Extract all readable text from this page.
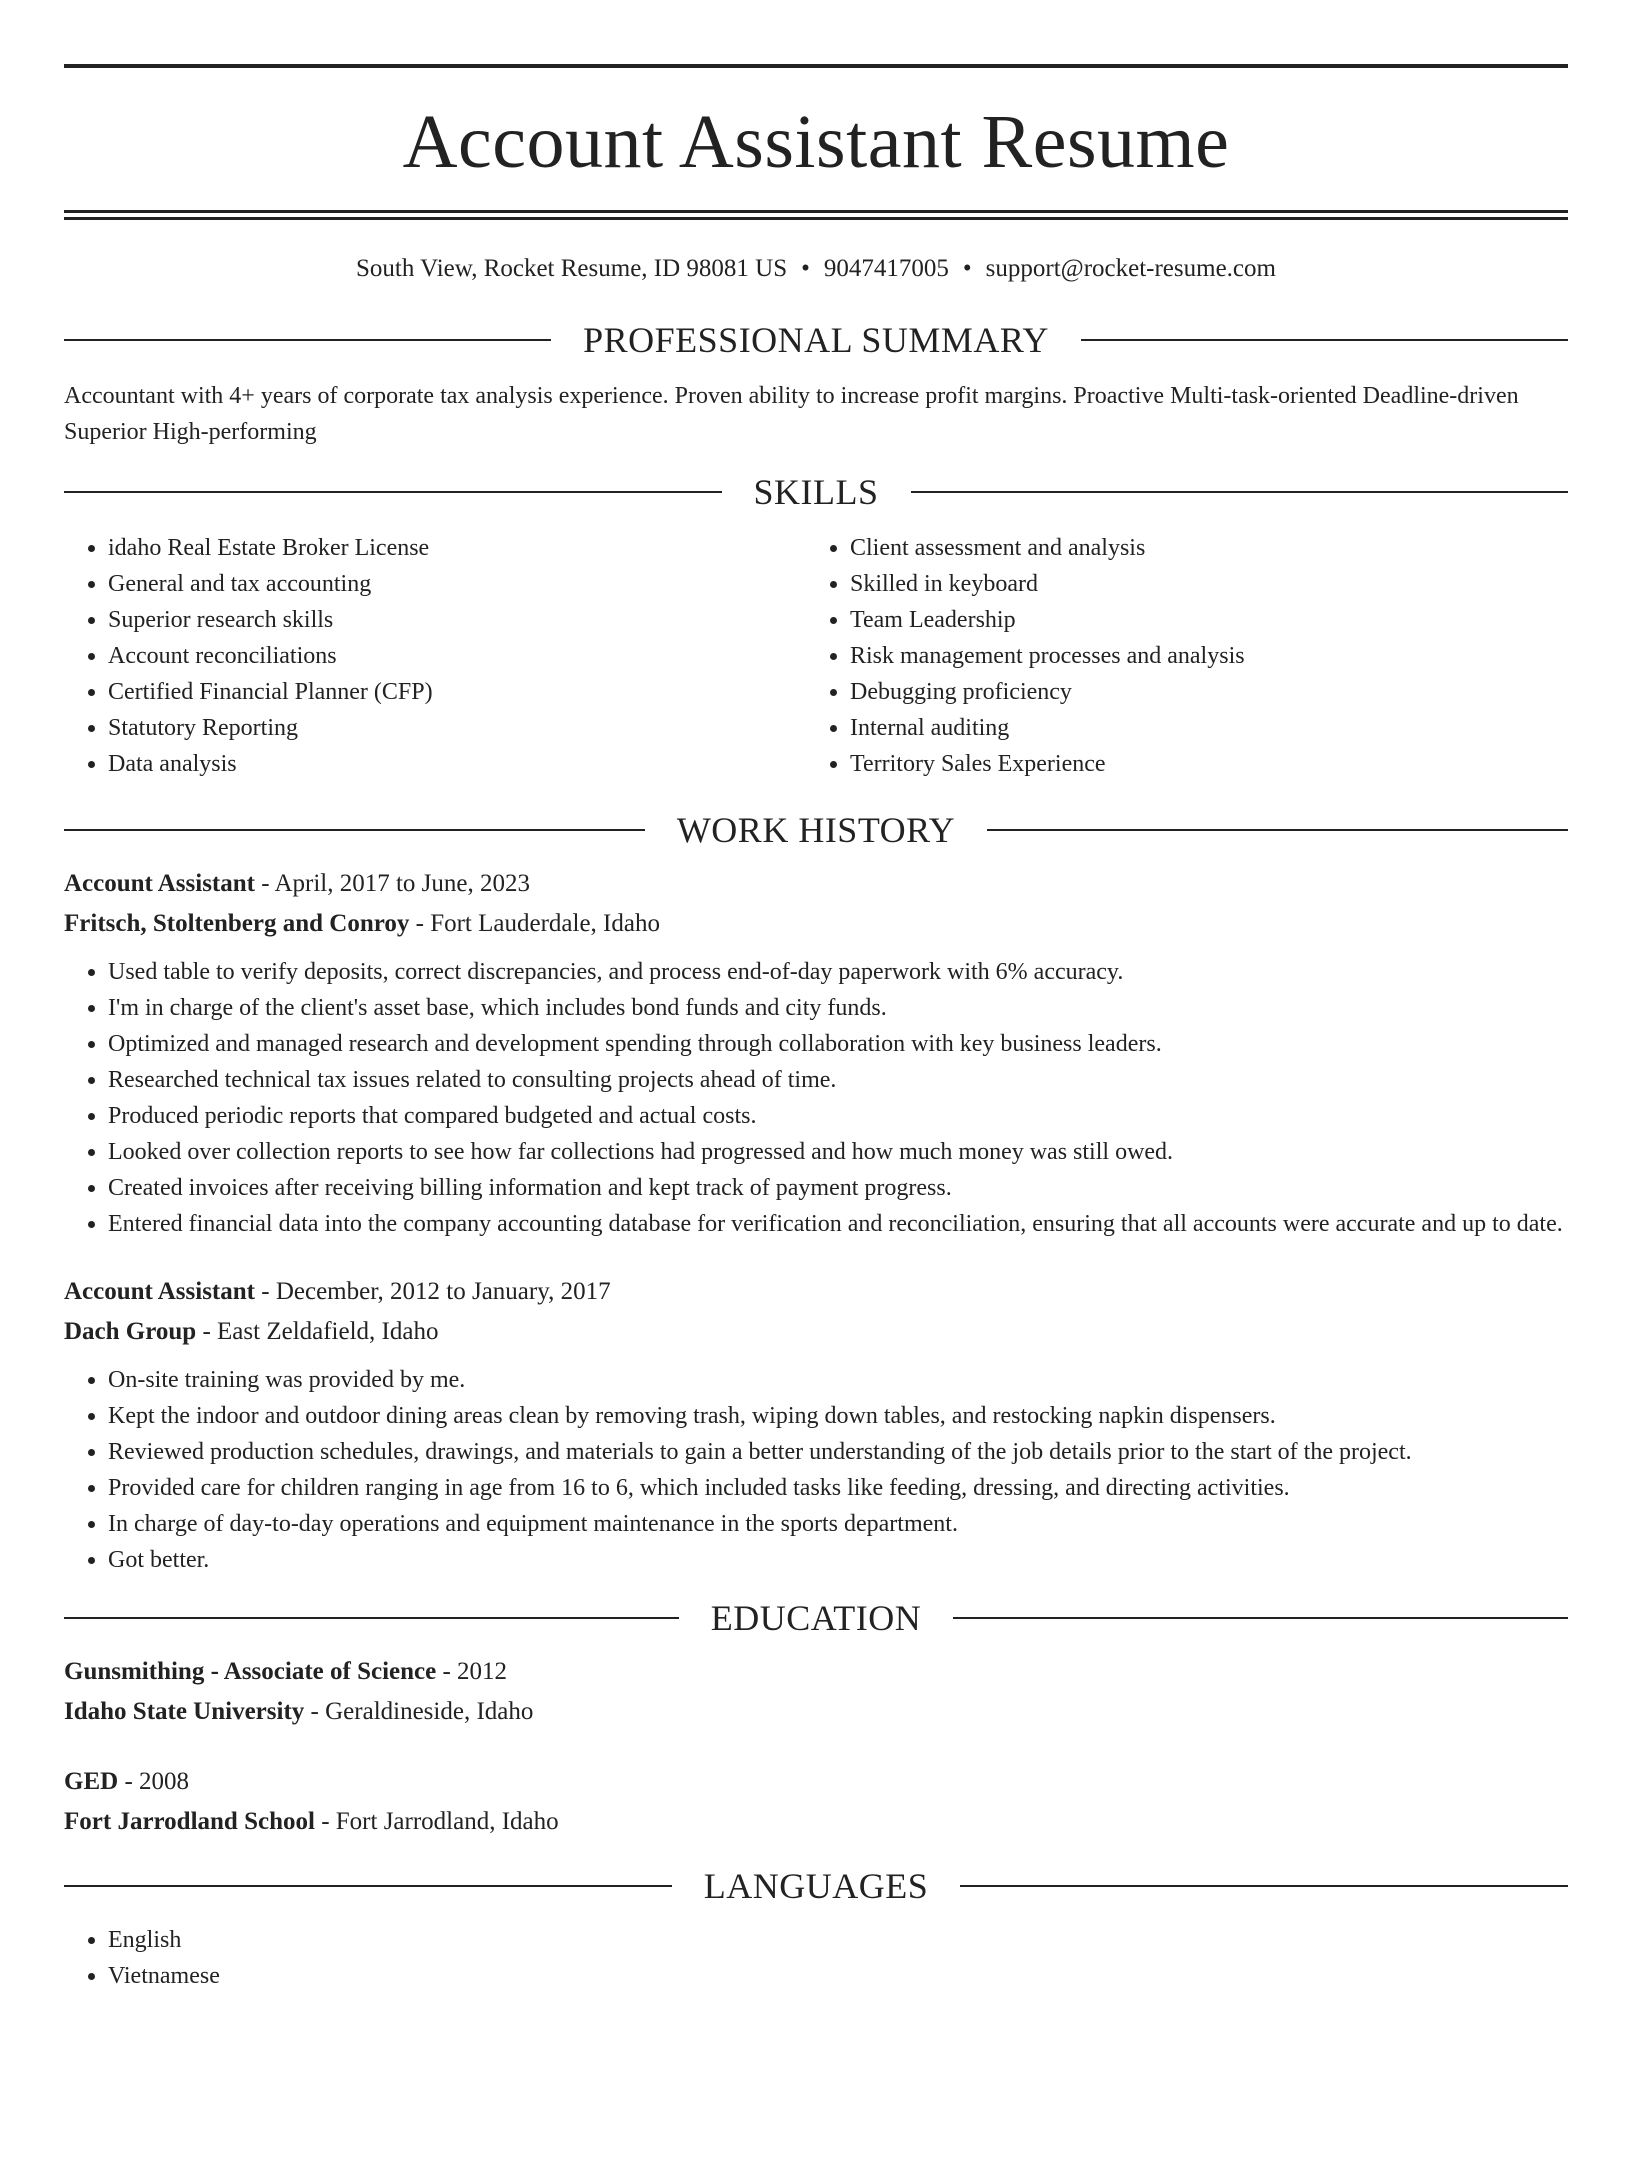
Account Assistant Resume
South View, Rocket Resume, ID 98081 US • 9047417005 • support@rocket-resume.com
PROFESSIONAL SUMMARY
Accountant with 4+ years of corporate tax analysis experience. Proven ability to increase profit margins. Proactive Multi-task-oriented Deadline-driven Superior High-performing
SKILLS
• idaho Real Estate Broker License
• General and tax accounting
• Superior research skills
• Account reconciliations
• Certified Financial Planner (CFP)
• Statutory Reporting
• Data analysis
• Client assessment and analysis
• Skilled in keyboard
• Team Leadership
• Risk management processes and analysis
• Debugging proficiency
• Internal auditing
• Territory Sales Experience
WORK HISTORY
Account Assistant - April, 2017 to June, 2023
Fritsch, Stoltenberg and Conroy - Fort Lauderdale, Idaho
• Used table to verify deposits, correct discrepancies, and process end-of-day paperwork with 6% accuracy.
• I'm in charge of the client's asset base, which includes bond funds and city funds.
• Optimized and managed research and development spending through collaboration with key business leaders.
• Researched technical tax issues related to consulting projects ahead of time.
• Produced periodic reports that compared budgeted and actual costs.
• Looked over collection reports to see how far collections had progressed and how much money was still owed.
• Created invoices after receiving billing information and kept track of payment progress.
• Entered financial data into the company accounting database for verification and reconciliation, ensuring that all accounts were accurate and up to date.
Account Assistant - December, 2012 to January, 2017
Dach Group - East Zeldafield, Idaho
• On-site training was provided by me.
• Kept the indoor and outdoor dining areas clean by removing trash, wiping down tables, and restocking napkin dispensers.
• Reviewed production schedules, drawings, and materials to gain a better understanding of the job details prior to the start of the project.
• Provided care for children ranging in age from 16 to 6, which included tasks like feeding, dressing, and directing activities.
• In charge of day-to-day operations and equipment maintenance in the sports department.
• Got better.
EDUCATION
Gunsmithing - Associate of Science - 2012
Idaho State University - Geraldineside, Idaho
GED - 2008
Fort Jarrodland School - Fort Jarrodland, Idaho
LANGUAGES
• English
• Vietnamese
